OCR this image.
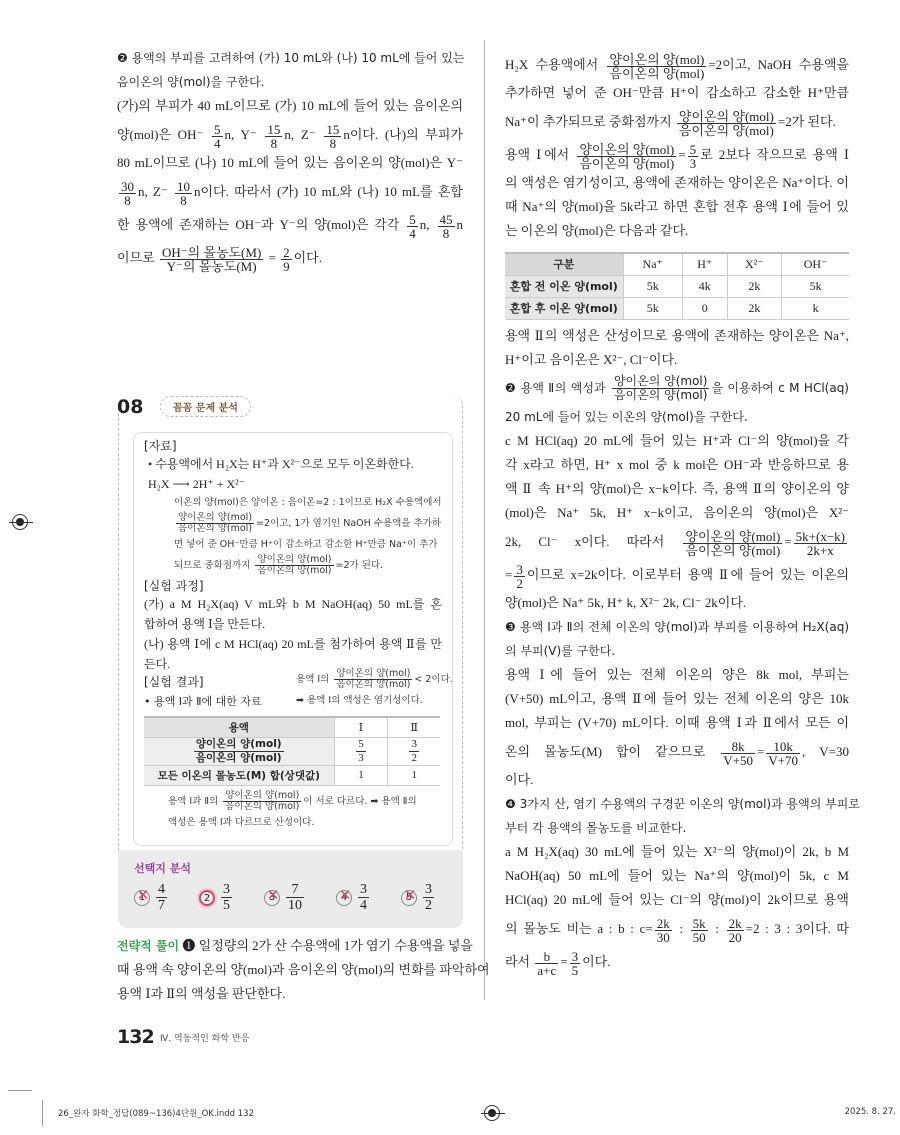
❷ 용액의 부피를 고려하여 (가) 10 mL와 (나) 10 mL에 들어 있는
음이온의 양(mol)을 구한다.
(가)의 부피가 40 mL이므로 (가) 10 mL에 들어 있는 음이온의
양(mol)은 $OH^- \frac{5}{4} n$, $Y^- \frac{15}{8} n$, $Z^- \frac{15}{8}$ n이다. (나)의 부피가
80 mL이므로 (나) 10 mL에 들어 있는 음이온의 양(mol)은 Y⁻
$\frac{30}{8} n$, $Z^- \frac{10}{8}$ n이다. 따라서 (가) 10 mL와 (나) 10 mL를 혼합
한 용액에 존재하는 OH⁻과 Y⁻의 양(mol)은 각각 $\frac{5}{4} n$, $\frac{45}{8}$ n
이므로 OH⁻의 몰농도(M)
Y⁻의 몰농도(M)
= $\frac{2}{9}$ 이다.
08	꼼꼼 문제 분석
[자료]
• 수용액에서 H₂X는 H⁺과 X²⁻으로 모두 이온화한다.
H₂X ⟶ 2H⁺ + X²⁻
이온의 양(mol)은 양이온 : 음이온=2 : 1이므로 H₂X 수용액에서
양이온의 양(mol)
음이온의 양(mol) =2이고, 1가 염기인 NaOH 수용액을 추가하
면 넣어 준 OH⁻만큼 H⁺이 감소하고 감소한 H⁺만큼 Na⁺이 추가
되므로 중화점까지
양이온의 양(mol)
음이온의 양(mol) =2가 된다.
[실험 과정]
(가) a M H₂X(aq) V mL와 b M NaOH(aq) 50 mL를 혼
합하여 용액 Ⅰ을 만든다.
(나) 용액 Ⅰ에 c M HCl(aq) 20 mL를 첨가하여 용액 Ⅱ를 만
든다.
[실험 결과]
• 용액 Ⅰ과 Ⅱ에 대한 자료
용액 Ⅰ의
양이온의 양(mol)
음이온의 양(mol) < 2이다.
➡ 용액 Ⅰ의 액성은 염기성이다.
용액	Ⅰ	Ⅱ

양이온의 양(mol)
음이온의 양(mol)	$\frac{5}{3}$	$\frac{3}{2}$

모든 이온의 몰농도(M) 합(상댓값)	1	1
용액 Ⅰ과 Ⅱ의
양이온의 양(mol)
음이온의 양(mol) 이 서로 다르다. ➡ 용액 Ⅱ의
액성은 용액 Ⅰ과 다르므로 산성이다.
선택지 분석
1 ✕ $\frac{4}{7}$	$2 \frac{3}{5}$	3 ✕ $\frac{7}{10}$	4 ✕ $\frac{3}{4}$	5 ✕ $\frac{3}{2}$
전략적 풀이 ❶ 일정량의 2가 산 수용액에 1가 염기 수용액을 넣을
때 용액 속 양이온의 양(mol)과 음이온의 양(mol)의 변화를 파악하여
용액 Ⅰ과 Ⅱ의 액성을 판단한다.
H₂X 수용액에서 양이온의 양(mol)
음이온의 양(mol)
=2이고, NaOH 수용액을
추가하면 넣어 준 OH⁻만큼 H⁺이 감소하고 감소한 H⁺만큼
Na⁺이 추가되므로 중화점까지 양이온의 양(mol)
음이온의 양(mol)
=2가 된다.
용액 Ⅰ에서 양이온의 양(mol)
음이온의 양(mol)
= $\frac{5}{3}$ 로 2보다 작으므로 용액 Ⅰ
의 액성은 염기성이고, 용액에 존재하는 양이온은 Na⁺이다. 이
때 Na⁺의 양(mol)을 5k라고 하면 혼합 전후 용액 Ⅰ에 들어 있
는 이온의 양(mol)은 다음과 같다.
구분	Na⁺	H⁺	X²⁻	OH⁻
혼합 전 이온 양(mol)	5k	4k	2k	5k
혼합 후 이온 양(mol)	5k	0	2k	k
용액 Ⅱ의 액성은 산성이므로 용액에 존재하는 양이온은 Na⁺,
H⁺이고 음이온은 X²⁻, Cl⁻이다.
❷ 용액 Ⅱ의 액성과 양이온의 양(mol)
음이온의 양(mol) 을 이용하여 c M HCl(aq)
20 mL에 들어 있는 이온의 양(mol)을 구한다.
c M HCl(aq) 20 mL에 들어 있는 H⁺과 Cl⁻의 양(mol)을 각
각 x라고 하면, H⁺ x mol 중 k mol은 OH⁻과 반응하므로 용
액 Ⅱ 속 H⁺의 양(mol)은 x−k이다. 즉, 용액 Ⅱ의 양이온의 양
(mol)은 Na⁺ 5k, H⁺ x−k이고, 음이온의 양(mol)은 X²⁻
2k, Cl⁻ x이다. 따라서 양이온의 양(mol)
음이온의 양(mol)
= $\frac{5k+(x-k)}{2k+x}$
= $\frac{3}{2}$ 이므로 x=2k이다. 이로부터 용액 Ⅱ에 들어 있는 이온의
양(mol)은 Na⁺ 5k, H⁺ k, X²⁻ 2k, Cl⁻ 2k이다.
❸ 용액 Ⅰ과 Ⅱ의 전체 이온의 양(mol)과 부피를 이용하여 H₂X(aq)
의 부피(V)를 구한다.
용액 Ⅰ에 들어 있는 전체 이온의 양은 8k mol, 부피는
(V+50) mL이고, 용액 Ⅱ에 들어 있는 전체 이온의 양은 10k
mol, 부피는 (V+70) mL이다. 이때 용액 Ⅰ과 Ⅱ에서 모든 이
온의 몰농도(M) 합이 같으므로 $\frac{8k}{V+50} = \frac{10k}{V+70}$ , V=30
이다.
❹ 3가지 산, 염기 수용액의 구경꾼 이온의 양(mol)과 용액의 부피로
부터 각 용액의 몰농도를 비교한다.
a M H₂X(aq) 30 mL에 들어 있는 X²⁻의 양(mol)이 2k, b M
NaOH(aq) 50 mL에 들어 있는 Na⁺의 양(mol)이 5k, c M
HCl(aq) 20 mL에 들어 있는 Cl⁻의 양(mol)이 2k이므로 용액
의 몰농도 비는 a : b : $c= \frac{2k}{30}$ : $\frac{5k}{50}$ : $\frac{2k}{20} =2$ : 3 : 3이다. 따
라서 $\frac{b}{a+c} = \frac{3}{5}$ 이다.
132 Ⅳ. 역동적인 화학 반응
26_완자 화학_정답(089~136)4단원_OK.indd 132	2025. 8. 27.
